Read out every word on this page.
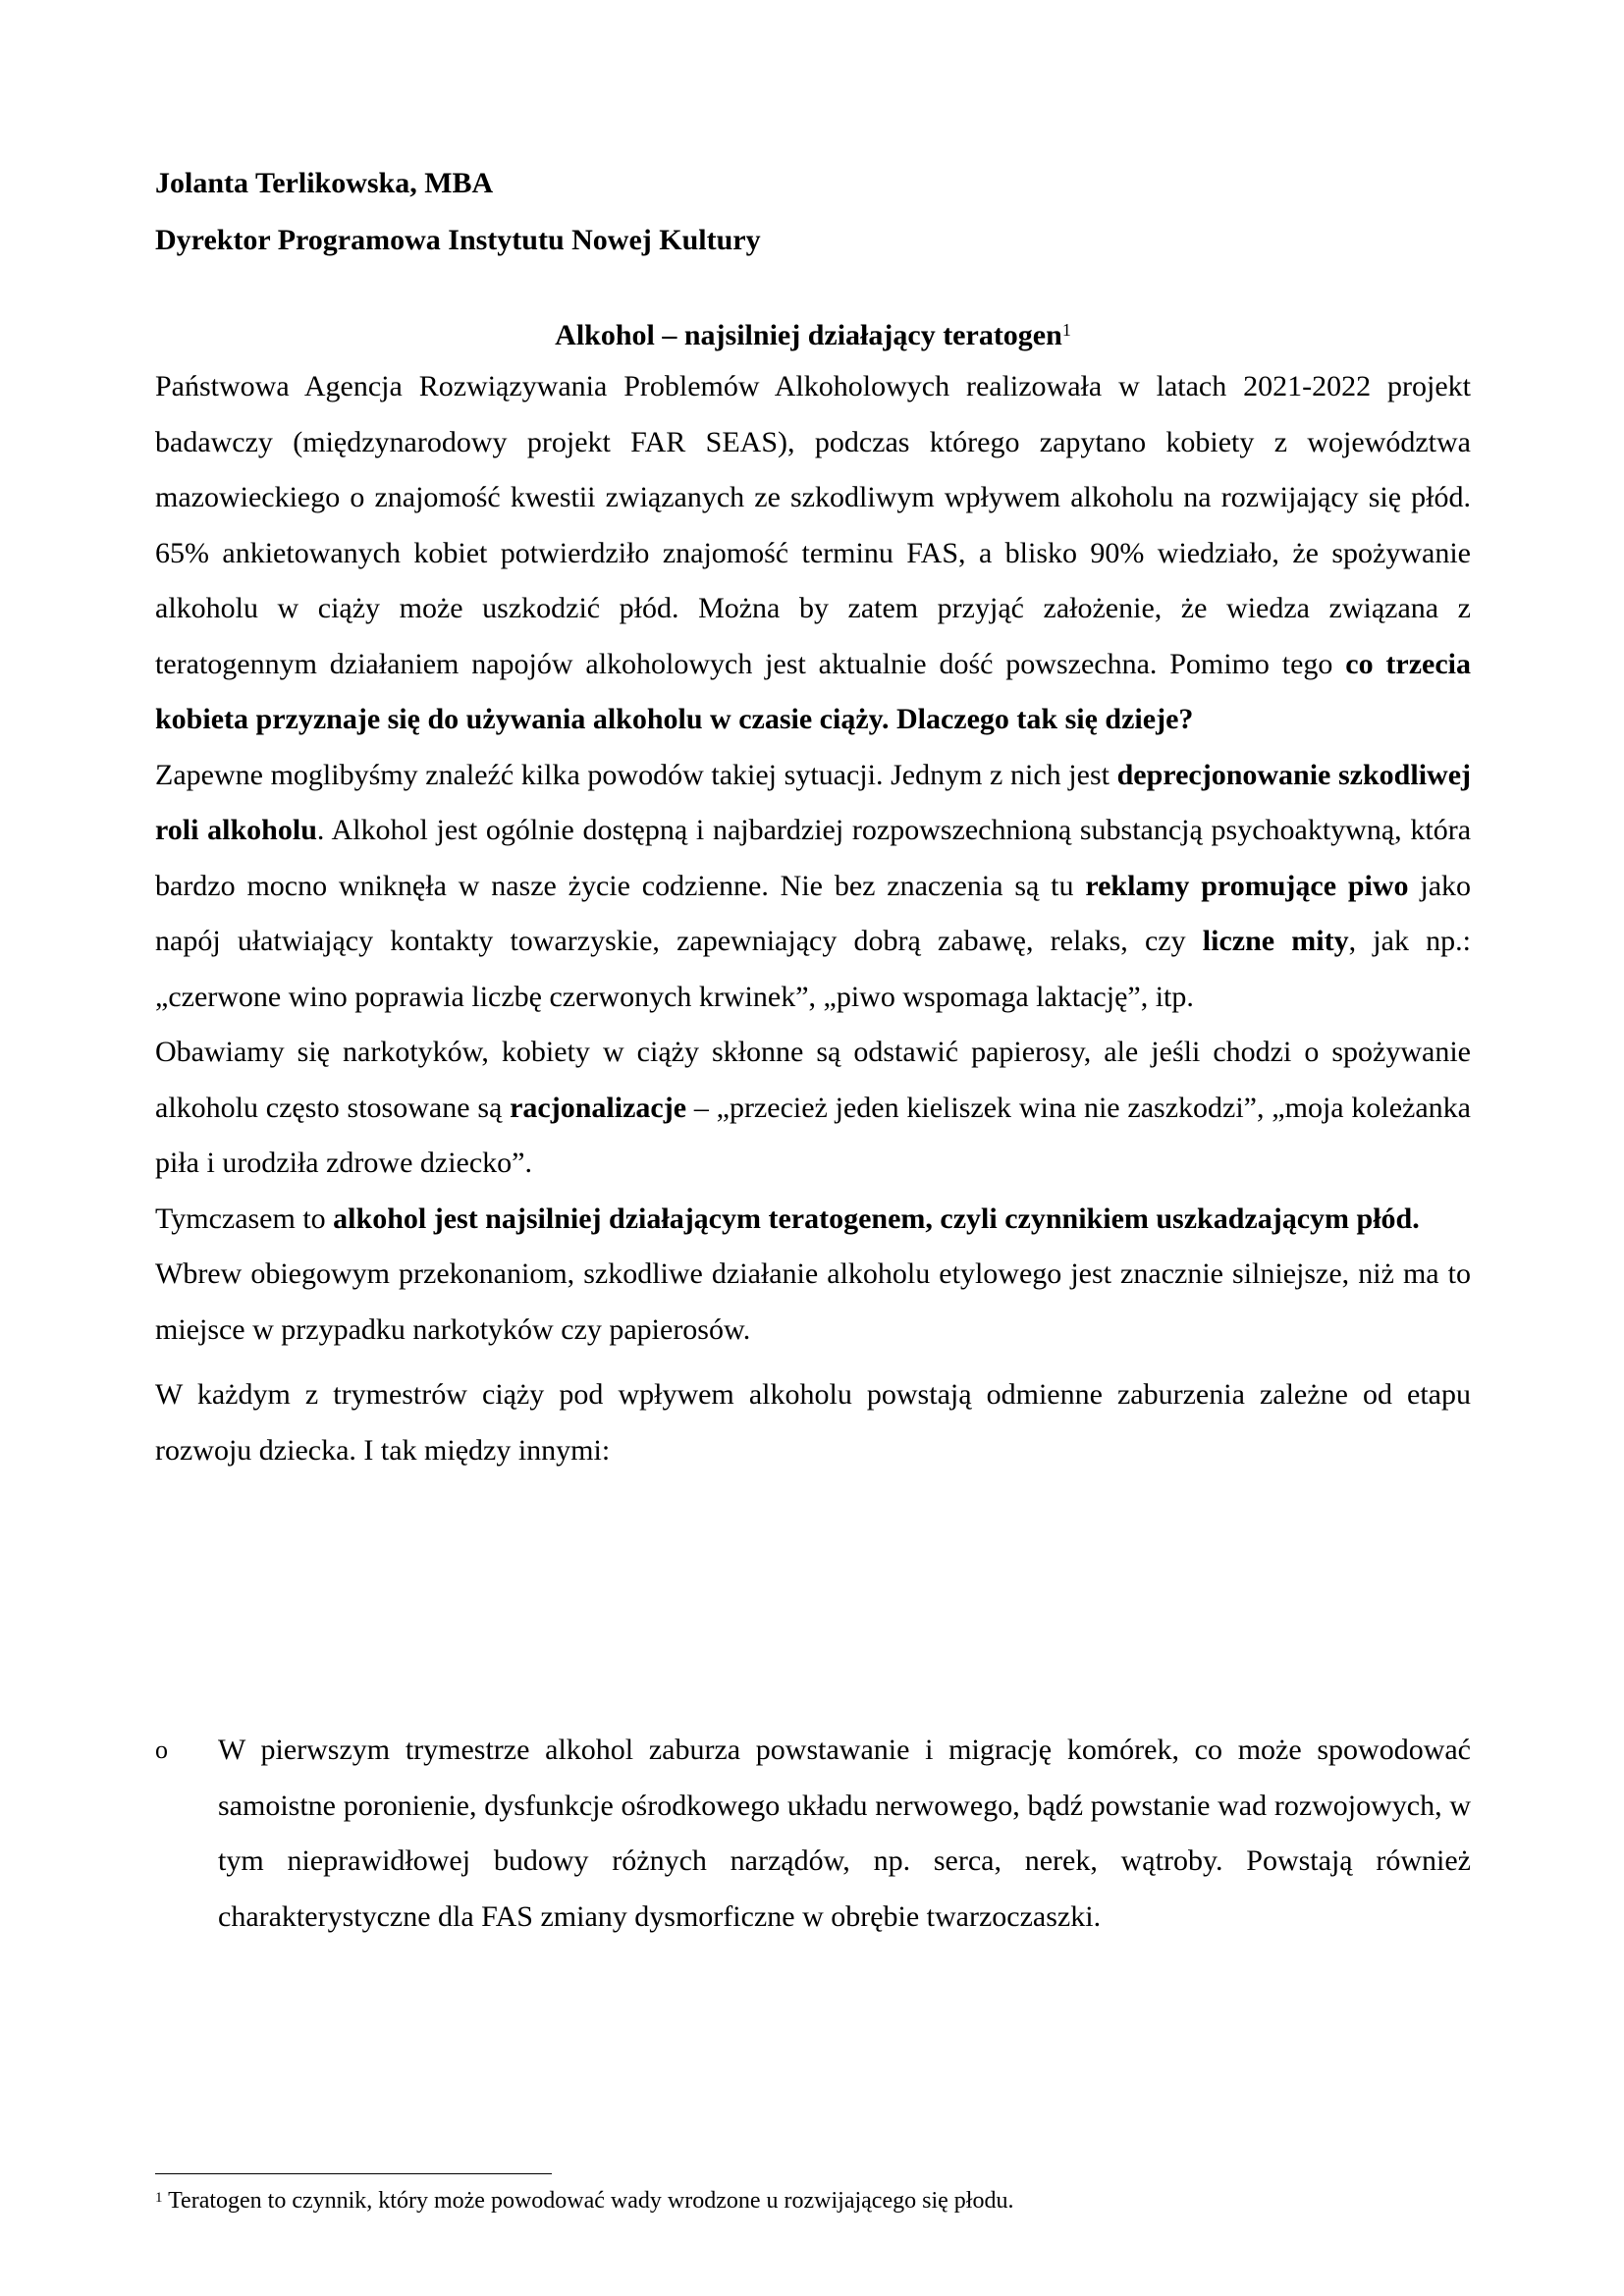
Jolanta Terlikowska, MBA
Dyrektor Programowa Instytutu Nowej Kultury
Alkohol – najsilniej działający teratogen$^1$

Państwowa Agencja Rozwiązywania Problemów Alkoholowych realizowała w latach 2021-2022 projekt badawczy (międzynarodowy projekt FAR SEAS), podczas którego zapytano kobiety z województwa mazowieckiego o znajomość kwestii związanych ze szkodliwym wpływem alkoholu na rozwijający się płód. 65% ankietowanych kobiet potwierdziło znajomość terminu FAS, a blisko 90% wiedziało, że spożywanie alkoholu w ciąży może uszkodzić płód. Można by zatem przyjąć założenie, że wiedza związana z teratogennym działaniem napojów alkoholowych jest aktualnie dość powszechna. Pomimo tego co trzecia kobieta przyznaje się do używania alkoholu w czasie ciąży. Dlaczego tak się dzieje?

Zapewne moglibyśmy znaleźć kilka powodów takiej sytuacji. Jednym z nich jest deprecjonowanie szkodliwej roli alkoholu. Alkohol jest ogólnie dostępną i najbardziej rozpowszechnioną substancją psychoaktywną, która bardzo mocno wniknęła w nasze życie codzienne. Nie bez znaczenia są tu reklamy promujące piwo jako napój ułatwiający kontakty towarzyskie, zapewniający dobrą zabawę, relaks, czy liczne mity, jak np.: „czerwone wino poprawia liczbę czerwonych krwinek”, „piwo wspomaga laktację”, itp.

Obawiamy się narkotyków, kobiety w ciąży skłonne są odstawić papierosy, ale jeśli chodzi o spożywanie alkoholu często stosowane są racjonalizacje – „przecież jeden kieliszek wina nie zaszkodzi”, „moja koleżanka piła i urodziła zdrowe dziecko”.

Tymczasem to alkohol jest najsilniej działającym teratogenem, czyli czynnikiem uszkadzającym płód.

Wbrew obiegowym przekonaniom, szkodliwe działanie alkoholu etylowego jest znacznie silniejsze, niż ma to miejsce w przypadku narkotyków czy papierosów.

W każdym z trymestrów ciąży pod wpływem alkoholu powstają odmienne zaburzenia zależne od etapu rozwoju dziecka. I tak między innymi:

o	W pierwszym trymestrze alkohol zaburza powstawanie i migrację komórek, co może spowodować samoistne poronienie, dysfunkcje ośrodkowego układu nerwowego, bądź powstanie wad rozwojowych, w tym nieprawidłowej budowy różnych narządów, np. serca, nerek, wątroby. Powstają również charakterystyczne dla FAS zmiany dysmorficzne w obrębie twarzoczaszki.
$^1$ Teratogen to czynnik, który może powodować wady wrodzone u rozwijającego się płodu.
